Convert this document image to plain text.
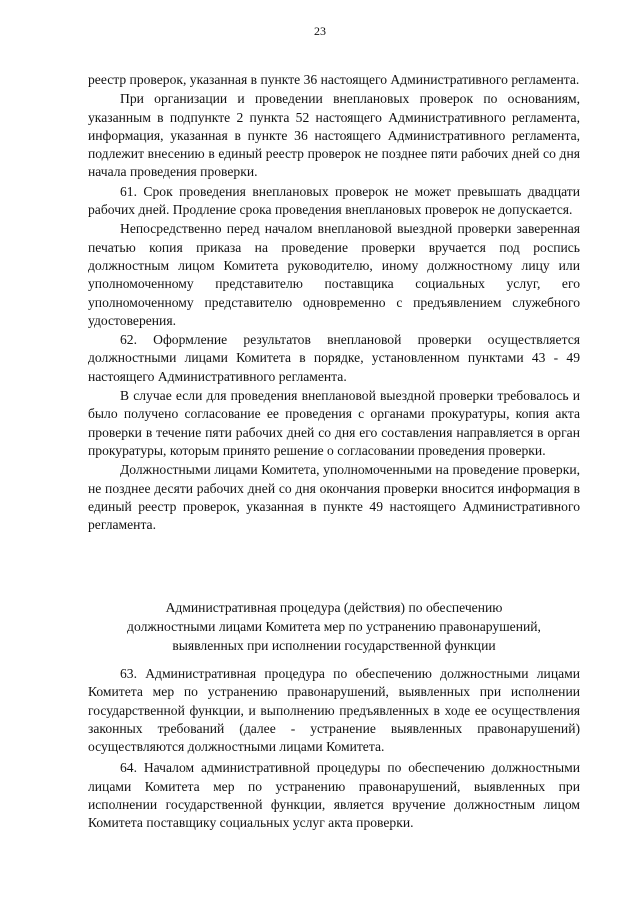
23

реестр проверок, указанная в пункте 36 настоящего Административного регламента.

При организации и проведении внеплановых проверок по основаниям, указанным в подпункте 2 пункта 52 настоящего Административного регламента, информация, указанная в пункте 36 настоящего Административного регламента, подлежит внесению в единый реестр проверок не позднее пяти рабочих дней со дня начала проведения проверки.

61. Срок проведения внеплановых проверок не может превышать двадцати рабочих дней. Продление срока проведения внеплановых проверок не допускается.

Непосредственно перед началом внеплановой выездной проверки заверенная печатью копия приказа на проведение проверки вручается под роспись должностным лицом Комитета руководителю, иному должностному лицу или уполномоченному представителю поставщика социальных услуг, его уполномоченному представителю одновременно с предъявлением служебного удостоверения.

62. Оформление результатов внеплановой проверки осуществляется должностными лицами Комитета в порядке, установленном пунктами 43 - 49 настоящего Административного регламента.

В случае если для проведения внеплановой выездной проверки требовалось и было получено согласование ее проведения с органами прокуратуры, копия акта проверки в течение пяти рабочих дней со дня его составления направляется в орган прокуратуры, которым принято решение о согласовании проведения проверки.

Должностными лицами Комитета, уполномоченными на проведение проверки, не позднее десяти рабочих дней со дня окончания проверки вносится информация в единый реестр проверок, указанная в пункте 49 настоящего Административного регламента.

Административная процедура (действия) по обеспечению
должностными лицами Комитета мер по устранению правонарушений,
выявленных при исполнении государственной функции

63. Административная процедура по обеспечению должностными лицами Комитета мер по устранению правонарушений, выявленных при исполнении государственной функции, и выполнению предъявленных в ходе ее осуществления законных требований (далее - устранение выявленных правонарушений) осуществляются должностными лицами Комитета.

64. Началом административной процедуры по обеспечению должностными лицами Комитета мер по устранению правонарушений, выявленных при исполнении государственной функции, является вручение должностным лицом Комитета поставщику социальных услуг акта проверки.
